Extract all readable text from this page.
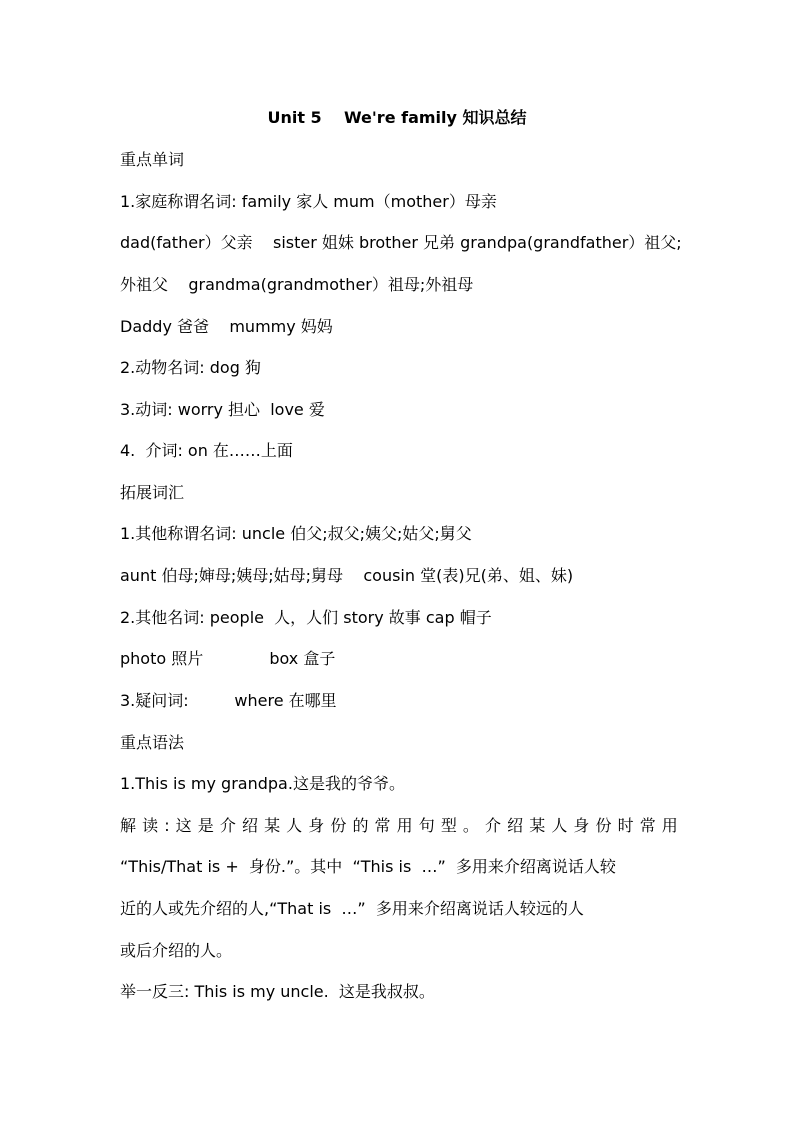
Unit 5    We're family 知识总结
重点单词
1.家庭称谓名词: family 家人 mum（mother）母亲
dad(father）父亲    sister 姐妹 brother 兄弟 grandpa(grandfather）祖父;
外祖父    grandma(grandmother）祖母;外祖母
Daddy 爸爸    mummy 妈妈
2.动物名词: dog 狗
3.动词: worry 担心  love 爱
4.  介词: on 在……上面
拓展词汇
1.其他称谓名词: uncle 伯父;叔父;姨父;姑父;舅父
aunt 伯母;婶母;姨母;姑母;舅母    cousin 堂(表)兄(弟、姐、妹)
2.其他名词: people  人，人们 story 故事 cap 帽子
photo 照片             box 盒子
3.疑问词:         where 在哪里
重点语法
1.This is my grandpa.这是我的爷爷。
解读:这是介绍某人身份的常用句型。介绍某人身份时常用
“This/That is +  身份.”。其中  “This is  …”  多用来介绍离说话人较
近的人或先介绍的人,“That is  …”  多用来介绍离说话人较远的人
或后介绍的人。
举一反三: This is my uncle.  这是我叔叔。
